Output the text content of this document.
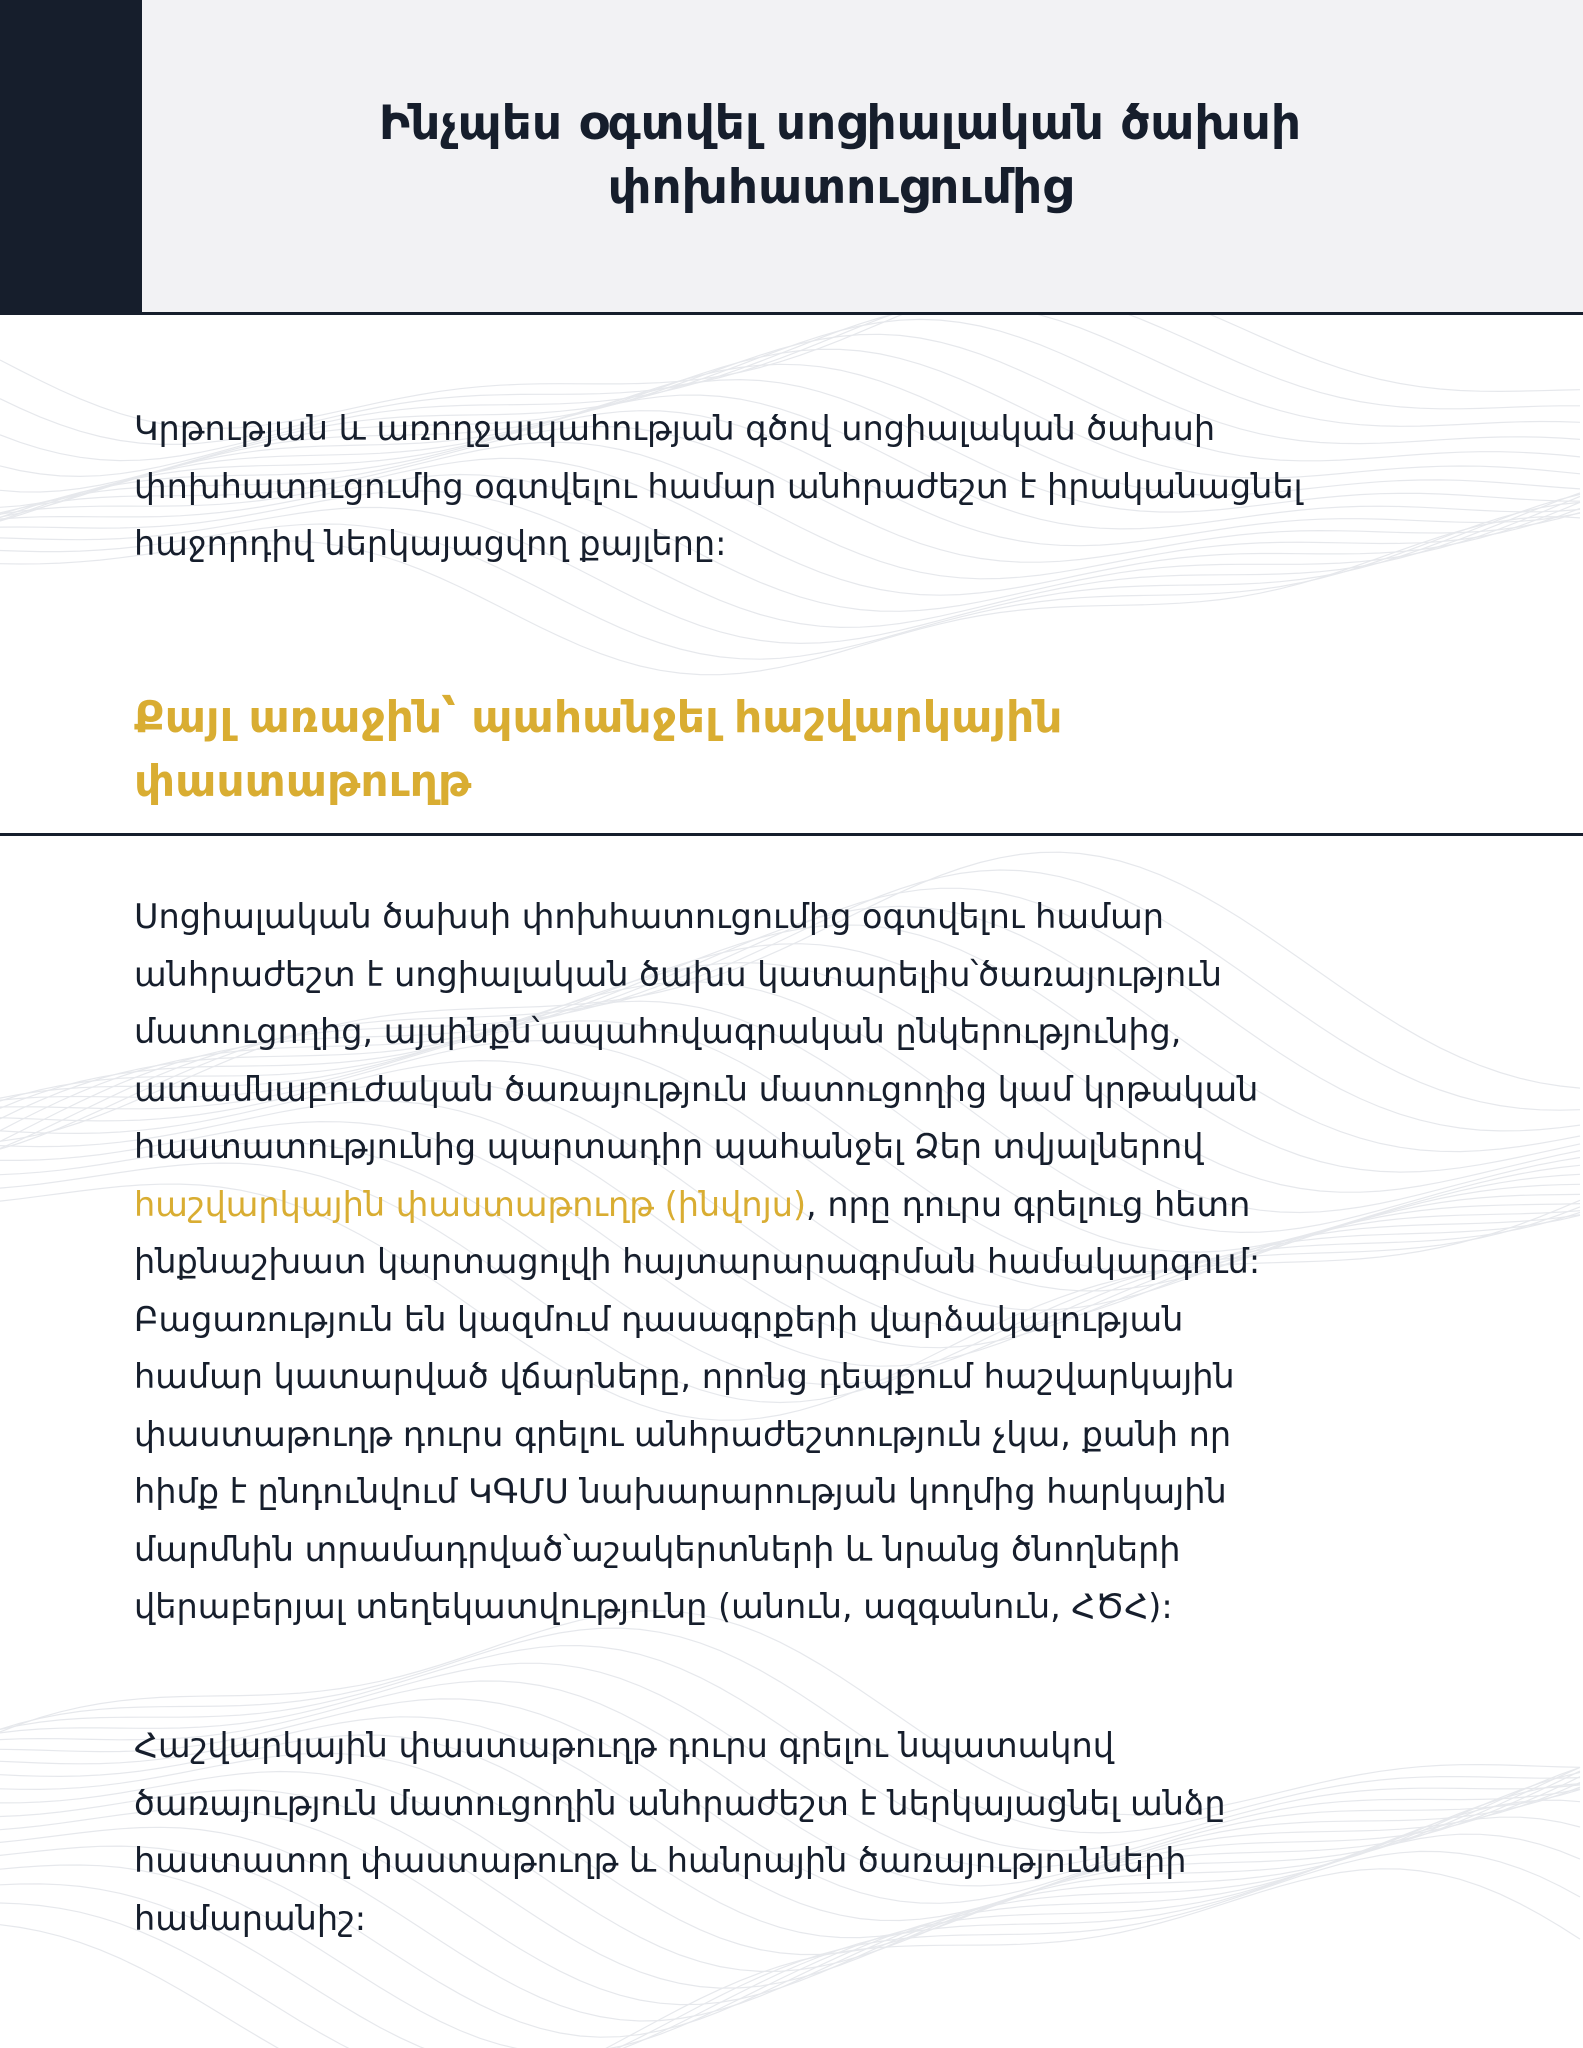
Ինչպես օգտվել սոցիալական ծախսի
փոխհատուցումից

Կրթության և առողջապահության գծով սոցիալական ծախսի
փոխհատուցումից օգտվելու համար անհրաժեշտ է իրականացնել
հաջորդիվ ներկայացվող քայլերը:

Քայլ առաջին՝ պահանջել հաշվարկային
փաստաթուղթ

Սոցիալական ծախսի փոխհատուցումից օգտվելու համար
անհրաժեշտ է սոցիալական ծախս կատարելիս՝ծառայություն
մատուցողից, այսինքն՝ապահովագրական ընկերությունից,
ատամնաբուժական ծառայություն մատուցողից կամ կրթական
հաստատությունից պարտադիր պահանջել Ձեր տվյալներով
հաշվարկային փաստաթուղթ (ինվոյս), որը դուրս գրելուց հետո
ինքնաշխատ կարտացոլվի հայտարարագրման համակարգում:
Բացառություն են կազմում դասագրքերի վարձակալության
համար կատարված վճարները, որոնց դեպքում հաշվարկային
փաստաթուղթ դուրս գրելու անհրաժեշտություն չկա, քանի որ
հիմք է ընդունվում ԿԳՄՍ նախարարության կողմից հարկային
մարմնին տրամադրված՝աշակերտների և նրանց ծնողների
վերաբերյալ տեղեկատվությունը (անուն, ազգանուն, ՀԾՀ):

Հաշվարկային փաստաթուղթ դուրս գրելու նպատակով
ծառայություն մատուցողին անհրաժեշտ է ներկայացնել անձը
հաստատող փաստաթուղթ և հանրային ծառայությունների
համարանիշ:
